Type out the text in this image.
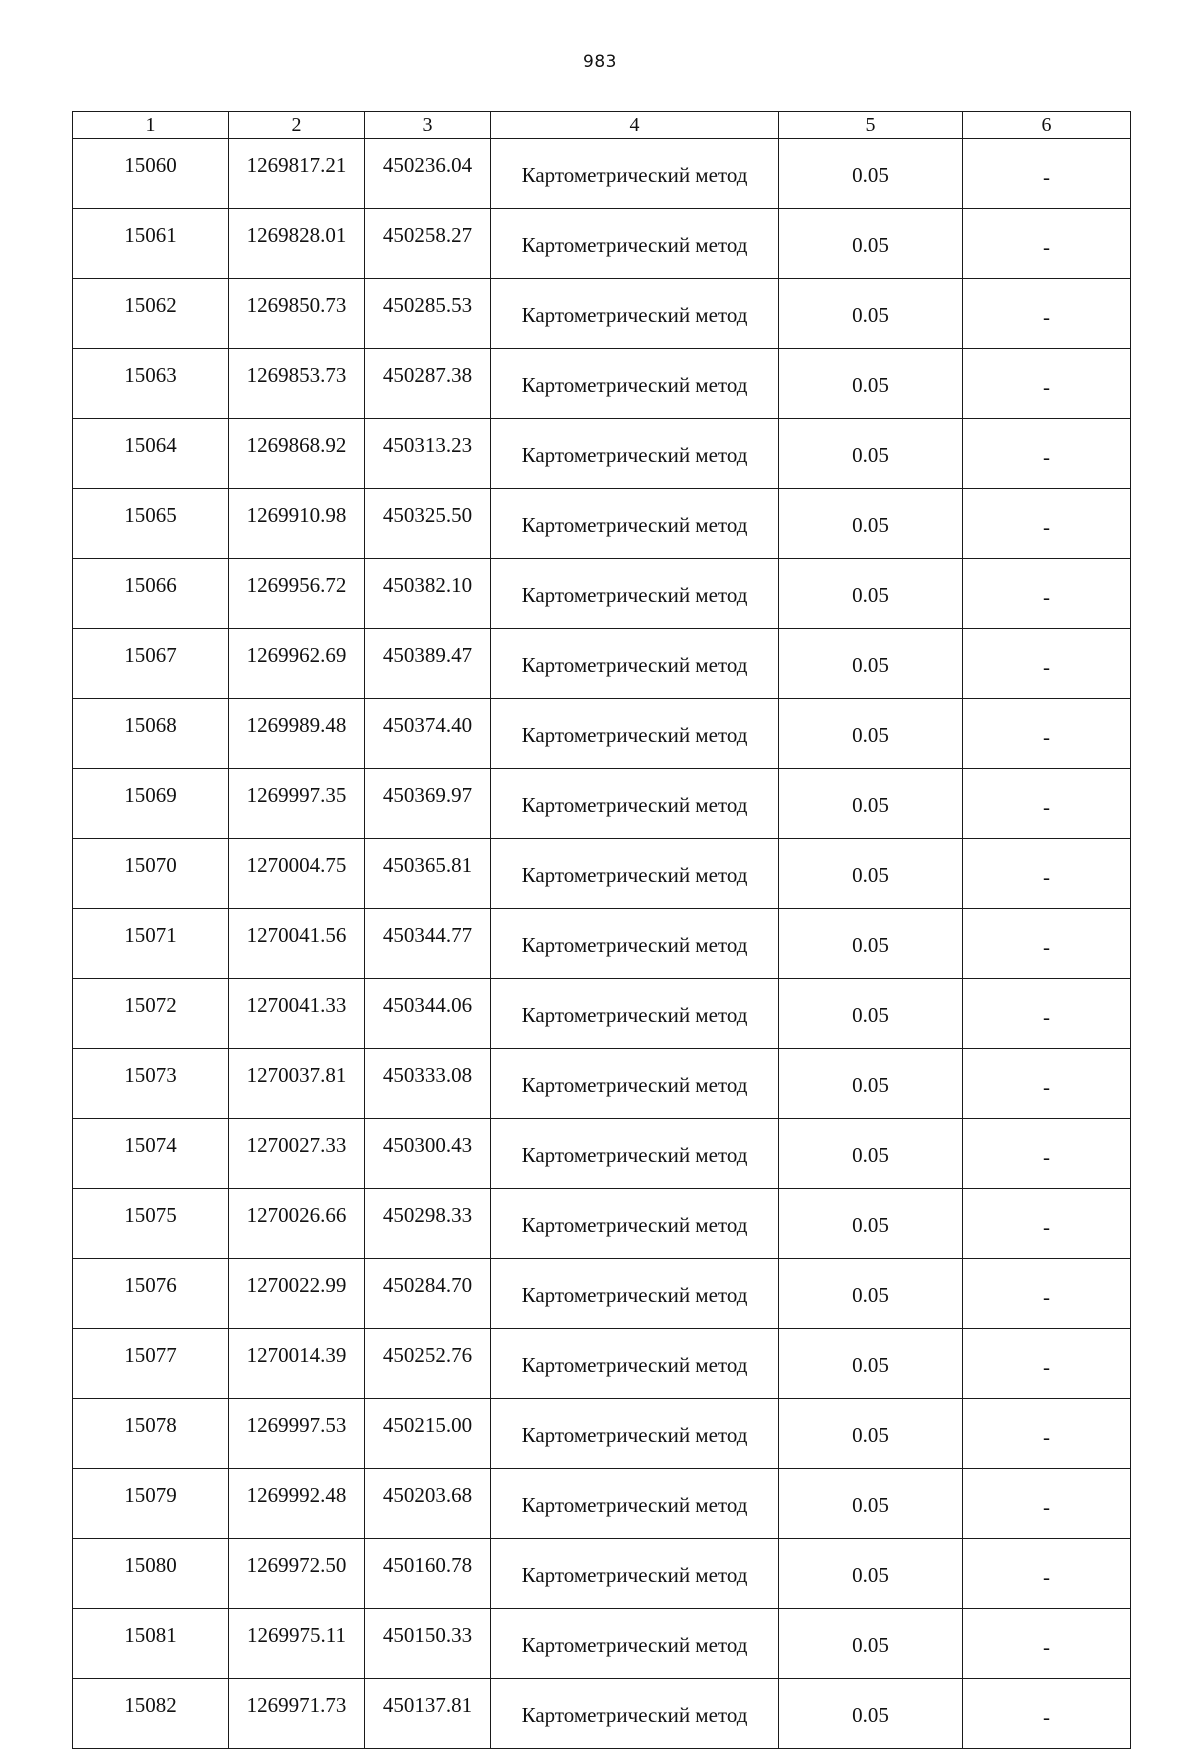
983
1	2	3	4	5	6
15060	1269817.21	450236.04	Картометрический метод	0.05	-
15061	1269828.01	450258.27	Картометрический метод	0.05	-
15062	1269850.73	450285.53	Картометрический метод	0.05	-
15063	1269853.73	450287.38	Картометрический метод	0.05	-
15064	1269868.92	450313.23	Картометрический метод	0.05	-
15065	1269910.98	450325.50	Картометрический метод	0.05	-
15066	1269956.72	450382.10	Картометрический метод	0.05	-
15067	1269962.69	450389.47	Картометрический метод	0.05	-
15068	1269989.48	450374.40	Картометрический метод	0.05	-
15069	1269997.35	450369.97	Картометрический метод	0.05	-
15070	1270004.75	450365.81	Картометрический метод	0.05	-
15071	1270041.56	450344.77	Картометрический метод	0.05	-
15072	1270041.33	450344.06	Картометрический метод	0.05	-
15073	1270037.81	450333.08	Картометрический метод	0.05	-
15074	1270027.33	450300.43	Картометрический метод	0.05	-
15075	1270026.66	450298.33	Картометрический метод	0.05	-
15076	1270022.99	450284.70	Картометрический метод	0.05	-
15077	1270014.39	450252.76	Картометрический метод	0.05	-
15078	1269997.53	450215.00	Картометрический метод	0.05	-
15079	1269992.48	450203.68	Картометрический метод	0.05	-
15080	1269972.50	450160.78	Картометрический метод	0.05	-
15081	1269975.11	450150.33	Картометрический метод	0.05	-
15082	1269971.73	450137.81	Картометрический метод	0.05	-
